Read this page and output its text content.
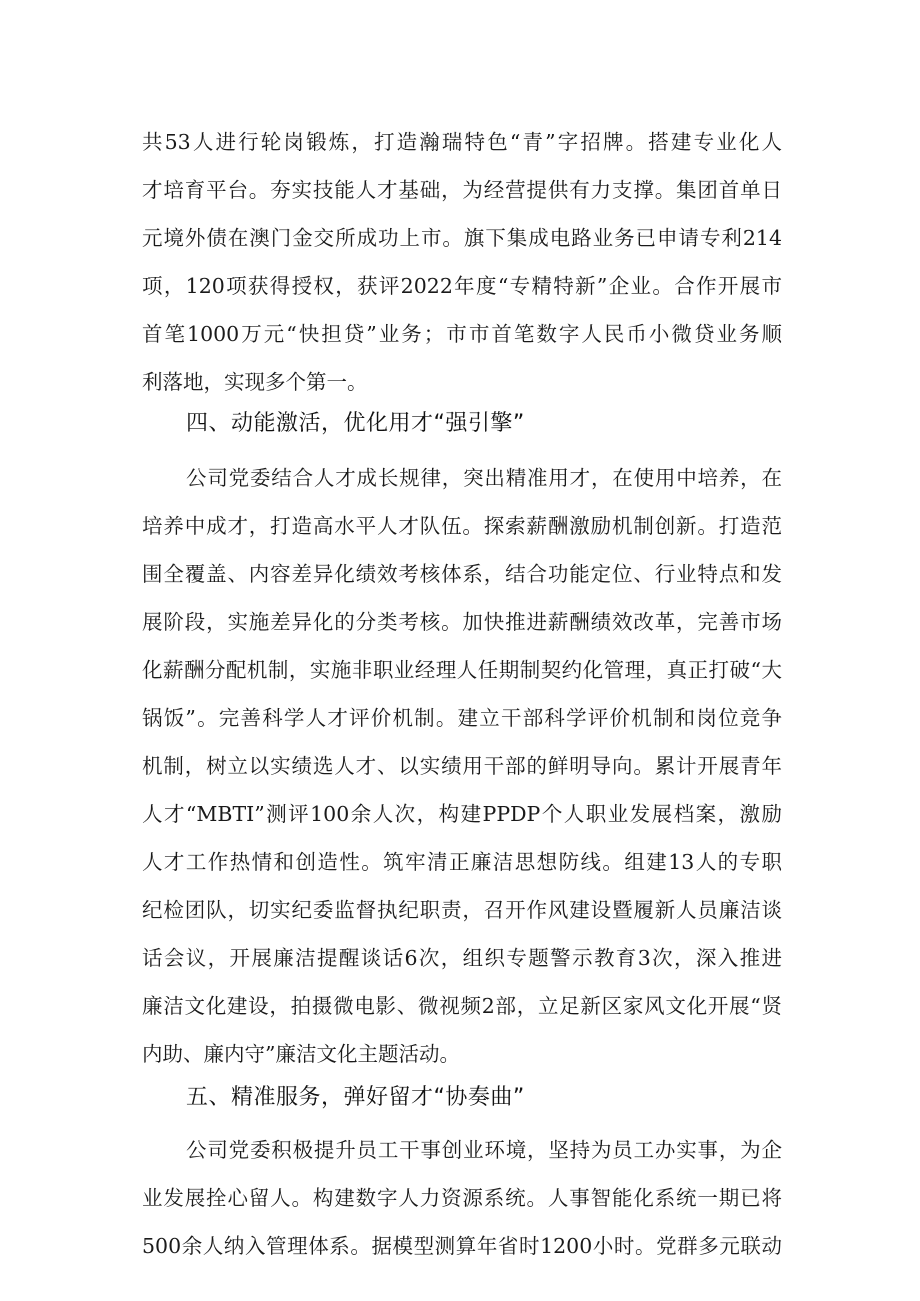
共53人进行轮岗锻炼，打造瀚瑞特色“青”字招牌。搭建专业化人
才培育平台。夯实技能人才基础，为经营提供有力支撑。集团首单日
元境外债在澳门金交所成功上市。旗下集成电路业务已申请专利214
项，120项获得授权，获评2022年度“专精特新”企业。合作开展市
首笔1000万元“快担贷”业务；市市首笔数字人民币小微贷业务顺
利落地，实现多个第一。
四、动能激活，优化用才“强引擎”
公司党委结合人才成长规律，突出精准用才，在使用中培养，在
培养中成才，打造高水平人才队伍。探索薪酬激励机制创新。打造范
围全覆盖、内容差异化绩效考核体系，结合功能定位、行业特点和发
展阶段，实施差异化的分类考核。加快推进薪酬绩效改革，完善市场
化薪酬分配机制，实施非职业经理人任期制契约化管理，真正打破“大
锅饭”。完善科学人才评价机制。建立干部科学评价机制和岗位竞争
机制，树立以实绩选人才、以实绩用干部的鲜明导向。累计开展青年
人才“MBTI”测评100余人次，构建PPDP个人职业发展档案，激励
人才工作热情和创造性。筑牢清正廉洁思想防线。组建13人的专职
纪检团队，切实纪委监督执纪职责，召开作风建设暨履新人员廉洁谈
话会议，开展廉洁提醒谈话6次，组织专题警示教育3次，深入推进
廉洁文化建设，拍摄微电影、微视频2部，立足新区家风文化开展“贤
内助、廉内守”廉洁文化主题活动。
五、精准服务，弹好留才“协奏曲”
公司党委积极提升员工干事创业环境，坚持为员工办实事，为企
业发展拴心留人。构建数字人力资源系统。人事智能化系统一期已将
500余人纳入管理体系。据模型测算年省时1200小时。党群多元联动
